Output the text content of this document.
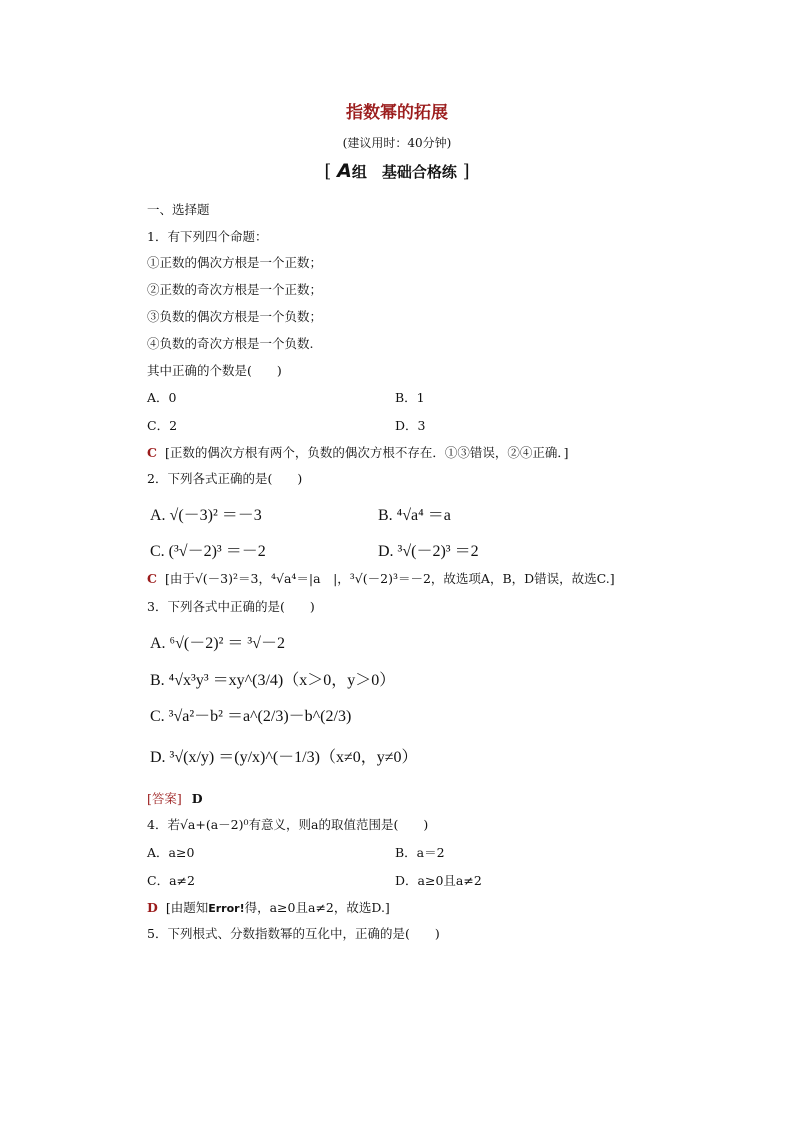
指数幂的拓展
(建议用时：40分钟)
[ A组　基础合格练 ]
一、选择题
1．有下列四个命题：
①正数的偶次方根是一个正数；
②正数的奇次方根是一个正数；
③负数的偶次方根是一个负数；
④负数的奇次方根是一个负数.
其中正确的个数是(　　)
A．0	B．1
C．2	D．3
C [正数的偶次方根有两个，负数的偶次方根不存在．①③错误，②④正确．]
2．下列各式正确的是(　　)
A. √(－3)² ＝－3	B. ⁴√a⁴ ＝a
C. (³√－2)³ ＝－2	D. ³√(－2)³ ＝2
C [由于√(－3)²＝3，⁴√a⁴＝|a　|，³√(－2)³＝－2，故选项A，B，D错误，故选C.]
3．下列各式中正确的是(　　)
A. ⁶√(－2)² ＝ ³√－2
B. ⁴√x³y³ ＝xy^(3/4)（x＞0，y＞0）
C. ³√a²－b² ＝a^(2/3)－b^(2/3)
D. ³√(x/y) ＝(y/x)^(－1/3)（x≠0，y≠0）
[答案] D
4．若√a+(a－2)⁰有意义，则a的取值范围是(　　)
A．a≥0	B．a＝2
C．a≠2	D．a≥0且a≠2
D [由题知Error!得，a≥0且a≠2，故选D.]
5．下列根式、分数指数幂的互化中，正确的是(　　)
